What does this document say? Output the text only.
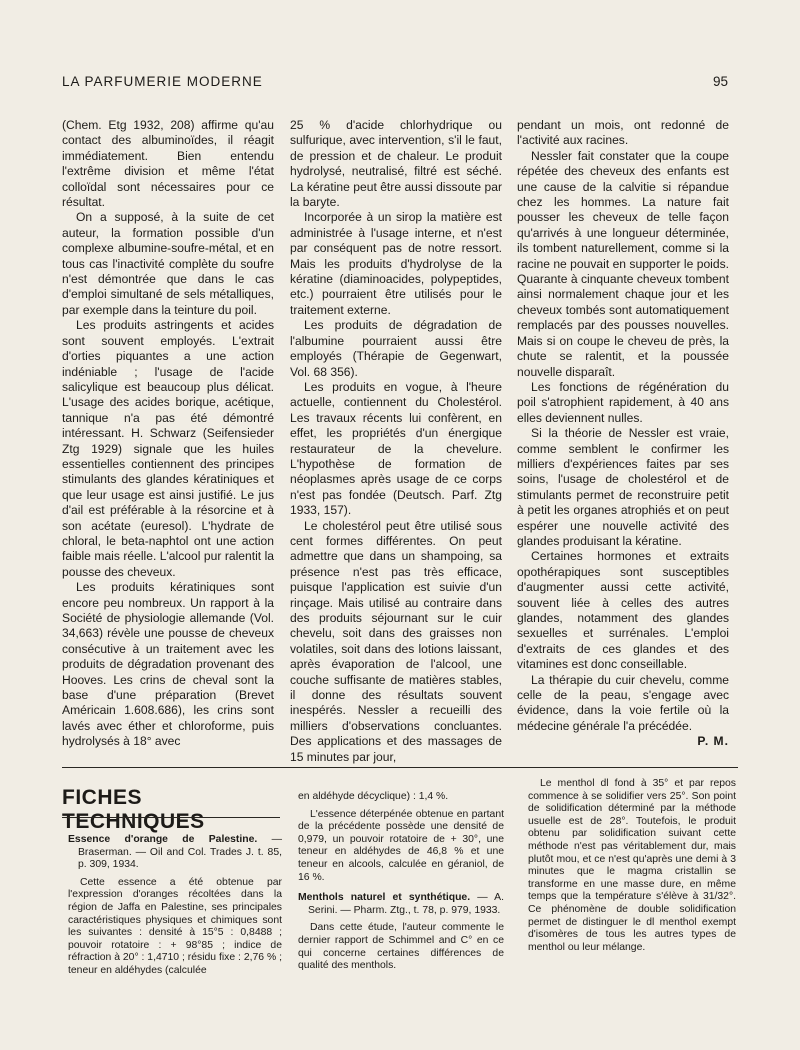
LA PARFUMERIE MODERNE	95

(Chem. Etg 1932, 208) affirme qu'au contact des albuminoïdes, il réagit immédiatement. Bien entendu l'extrême division et même l'état colloïdal sont nécessaires pour ce résultat.

On a supposé, à la suite de cet auteur, la formation possible d'un complexe albumine-soufre-métal, et en tous cas l'inactivité complète du soufre n'est démontrée que dans le cas d'emploi simultané de sels métalliques, par exemple dans la teinture du poil.

Les produits astringents et acides sont souvent employés. L'extrait d'orties piquantes a une action indéniable ; l'usage de l'acide salicylique est beaucoup plus délicat. L'usage des acides borique, acétique, tannique n'a pas été démontré intéressant. H. Schwarz (Seifensieder Ztg 1929) signale que les huiles essentielles contiennent des principes stimulants des glandes kératiniques et que leur usage est ainsi justifié. Le jus d'ail est préférable à la résorcine et à son acétate (euresol). L'hydrate de chloral, le beta-naphtol ont une action faible mais réelle. L'alcool pur ralentit la pousse des cheveux.

Les produits kératiniques sont encore peu nombreux. Un rapport à la Société de physiologie allemande (Vol. 34,663) révèle une pousse de cheveux consécutive à un traitement avec les produits de dégradation provenant des Hooves. Les crins de cheval sont la base d'une préparation (Brevet Américain 1.608.686), les crins sont lavés avec éther et chloroforme, puis hydrolysés à 18° avec

25 % d'acide chlorhydrique ou sulfurique, avec intervention, s'il le faut, de pression et de chaleur. Le produit hydrolysé, neutralisé, filtré est séché. La kératine peut être aussi dissoute par la baryte.

Incorporée à un sirop la matière est administrée à l'usage interne, et n'est par conséquent pas de notre ressort. Mais les produits d'hydrolyse de la kératine (diaminoacides, polypeptides, etc.) pourraient être utilisés pour le traitement externe.

Les produits de dégradation de l'albumine pourraient aussi être employés (Thérapie de Gegenwart, Vol. 68 356).

Les produits en vogue, à l'heure actuelle, contiennent du Cholestérol. Les travaux récents lui confèrent, en effet, les propriétés d'un énergique restaurateur de la chevelure. L'hypothèse de formation de néoplasmes après usage de ce corps n'est pas fondée (Deutsch. Parf. Ztg 1933, 157).

Le cholestérol peut être utilisé sous cent formes différentes. On peut admettre que dans un shampoing, sa présence n'est pas très efficace, puisque l'application est suivie d'un rinçage. Mais utilisé au contraire dans des produits séjournant sur le cuir chevelu, soit dans des graisses non volatiles, soit dans des lotions laissant, après évaporation de l'alcool, une couche suffisante de matières stables, il donne des résultats souvent inespérés. Nessler a recueilli des milliers d'observations concluantes. Des applications et des massages de 15 minutes par jour,

pendant un mois, ont redonné de l'activité aux racines.

Nessler fait constater que la coupe répétée des cheveux des enfants est une cause de la calvitie si répandue chez les hommes. La nature fait pousser les cheveux de telle façon qu'arrivés à une longueur déterminée, ils tombent naturellement, comme si la racine ne pouvait en supporter le poids. Quarante à cinquante cheveux tombent ainsi normalement chaque jour et les cheveux tombés sont automatiquement remplacés par des pousses nouvelles. Mais si on coupe le cheveu de près, la chute se ralentit, et la poussée nouvelle disparaît.

Les fonctions de régénération du poil s'atrophient rapidement, à 40 ans elles deviennent nulles.

Si la théorie de Nessler est vraie, comme semblent le confirmer les milliers d'expériences faites par ses soins, l'usage de cholestérol et de stimulants permet de reconstruire petit à petit les organes atrophiés et on peut espérer une nouvelle activité des glandes produisant la kératine.

Certaines hormones et extraits opothérapiques sont susceptibles d'augmenter aussi cette activité, souvent liée à celles des autres glandes, notamment des glandes sexuelles et surrénales. L'emploi d'extraits de ces glandes et des vitamines est donc conseillable.

La thérapie du cuir chevelu, comme celle de la peau, s'engage avec évidence, dans la voie fertile où la médecine générale l'a précédée.

P. M.

FICHES TECHNIQUES

Essence d'orange de Palestine. — Braserman. — Oil and Col. Trades J. t. 85, p. 309, 1934.

Cette essence a été obtenue par l'expression d'oranges récoltées dans la région de Jaffa en Palestine, ses principales caractéristiques physiques et chimiques sont les suivantes : densité à 15°5 : 0,8488 ; pouvoir rotatoire : + 98°85 ; indice de réfraction à 20° : 1,4710 ; résidu fixe : 2,76 % ; teneur en aldéhydes (calculée

en aldéhyde décyclique) : 1,4 %.

L'essence déterpénée obtenue en partant de la précédente possède une densité de 0,979, un pouvoir rotatoire de + 30°, une teneur en aldéhydes de 46,8 % et une teneur en alcools, calculée en géraniol, de 16 %.

Menthols naturel et synthétique. — A. Serini. — Pharm. Ztg., t. 78, p. 979, 1933.

Dans cette étude, l'auteur commente le dernier rapport de Schimmel and C° en ce qui concerne certaines différences de qualité des menthols.

Le menthol dl fond à 35° et par repos commence à se solidifier vers 25°. Son point de solidification déterminé par la méthode usuelle est de 28°. Toutefois, le produit obtenu par solidification suivant cette méthode n'est pas véritablement dur, mais plutôt mou, et ce n'est qu'après une demi à 3 minutes que le magma cristallin se transforme en une masse dure, en même temps que la température s'élève à 31/32°. Ce phénomène de double solidification permet de distinguer le dl menthol exempt d'isomères de tous les autres types de menthol ou leur mélange.
